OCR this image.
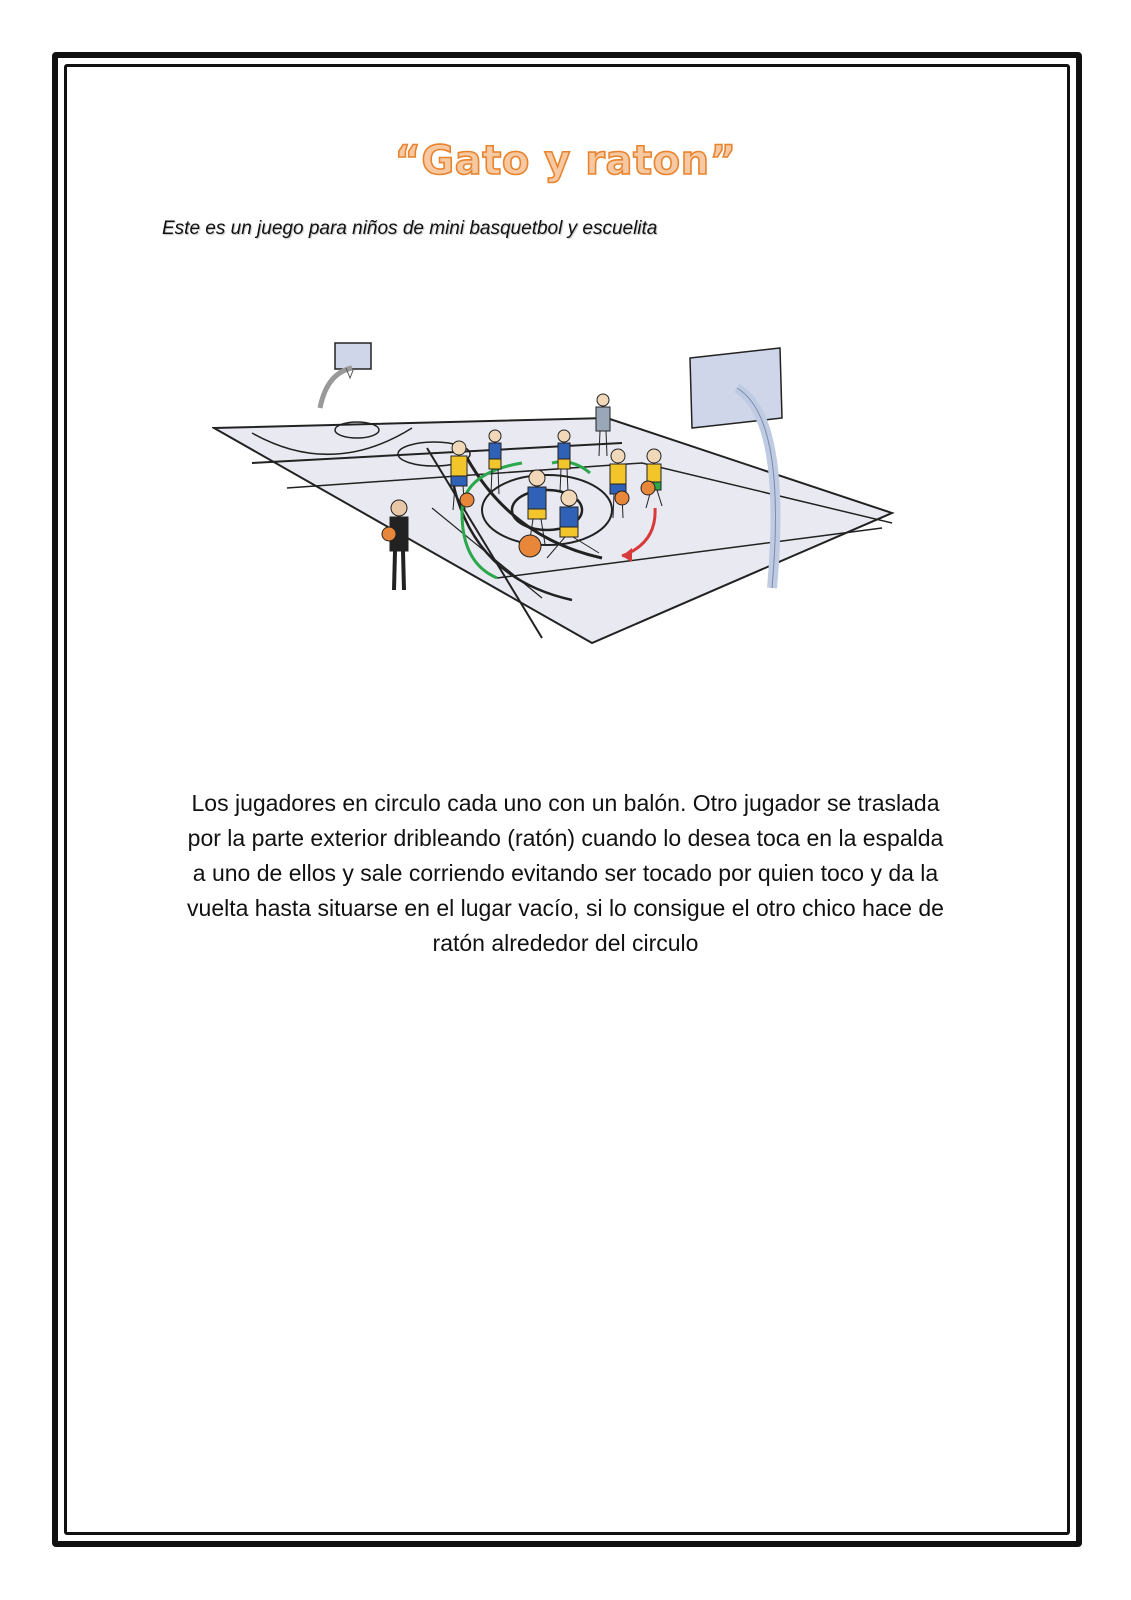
“Gato y raton”
Este es un juego para niños de mini basquetbol y escuelita
Los jugadores en circulo cada uno con un balón. Otro jugador se traslada
por la parte exterior dribleando (ratón) cuando lo desea toca en la espalda
a uno de ellos y sale corriendo evitando ser tocado por quien toco y da la
vuelta hasta situarse en el lugar vacío, si lo consigue el otro chico hace de
ratón alrededor del circulo
